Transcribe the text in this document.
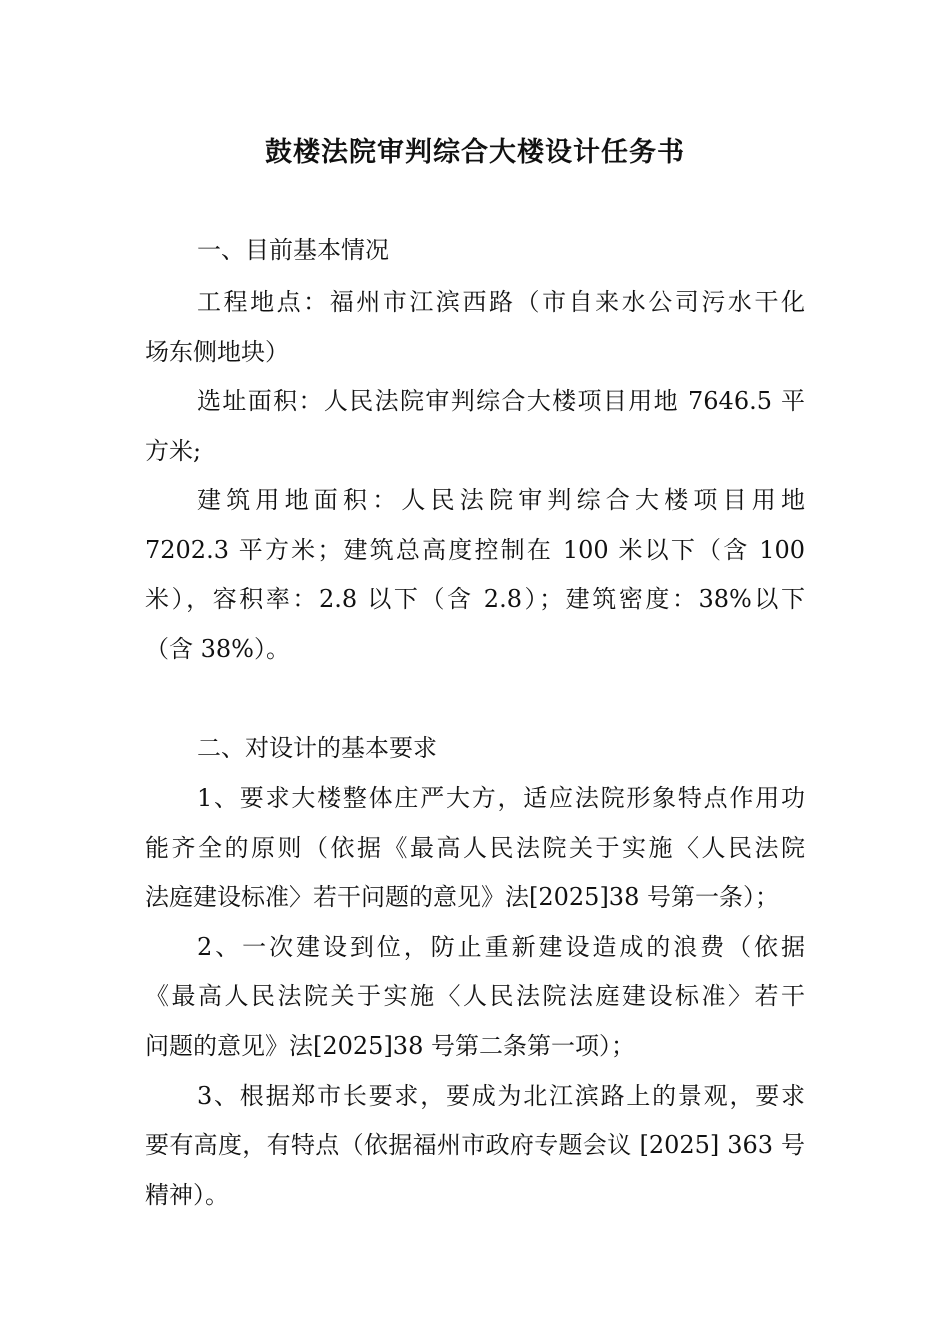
鼓楼法院审判综合大楼设计任务书
一、目前基本情况
工程地点：福州市江滨西路（市自来水公司污水干化
场东侧地块）
选址面积：人民法院审判综合大楼项目用地 7646.5 平
方米;
建筑用地面积：人民法院审判综合大楼项目用地
7202.3 平方米；建筑总高度控制在 100 米以下（含 100
米），容积率：2.8 以下（含 2.8）；建筑密度：38%以下
（含 38%）。
二、对设计的基本要求
1、要求大楼整体庄严大方，适应法院形象特点作用功
能齐全的原则（依据《最高人民法院关于实施〈人民法院
法庭建设标准〉若干问题的意见》法[2025]38 号第一条）；
2、一次建设到位，防止重新建设造成的浪费（依据
《最高人民法院关于实施〈人民法院法庭建设标准〉若干
问题的意见》法[2025]38 号第二条第一项）；
3、根据郑市长要求，要成为北江滨路上的景观，要求
要有高度，有特点（依据福州市政府专题会议 [2025] 363 号
精神）。
